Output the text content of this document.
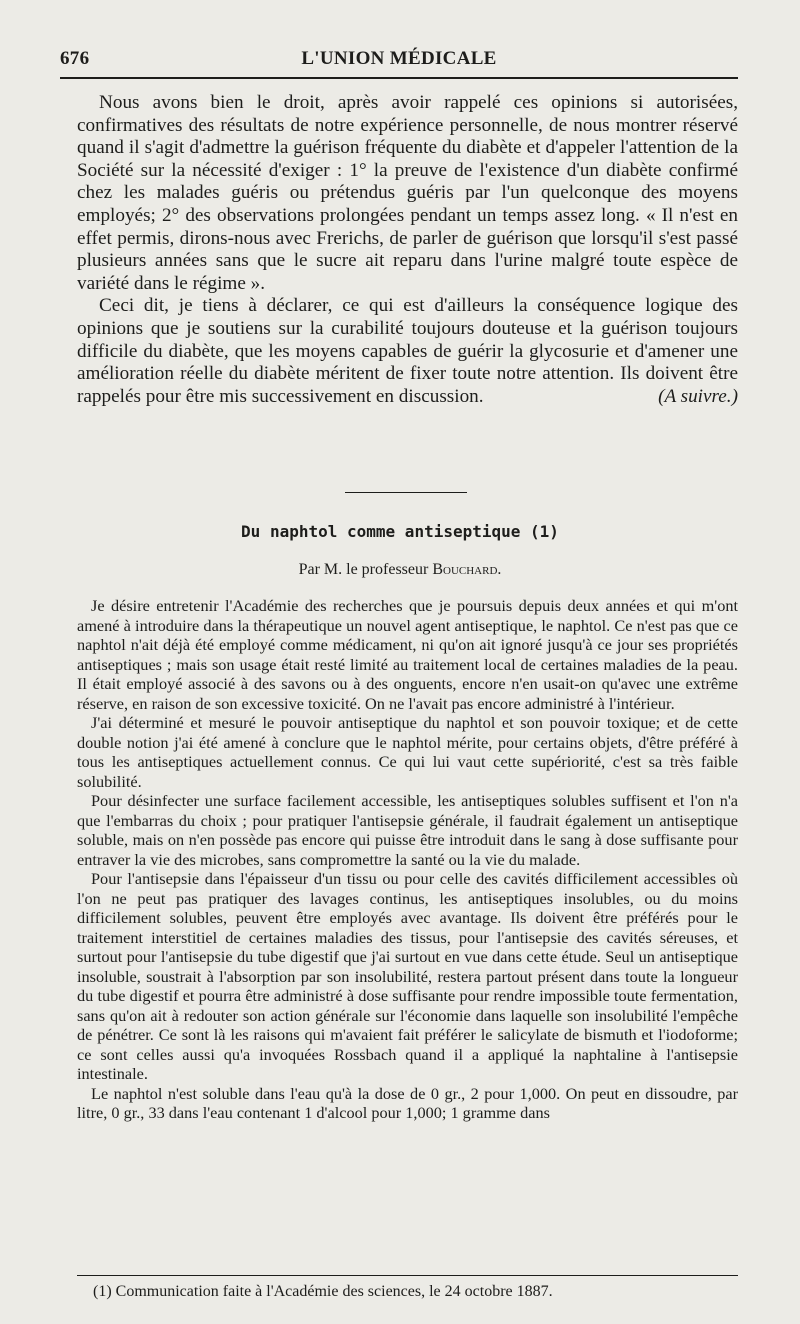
676	L'UNION MÉDICALE

Nous avons bien le droit, après avoir rappelé ces opinions si autorisées, confirmatives des résultats de notre expérience personnelle, de nous montrer réservé quand il s'agit d'admettre la guérison fréquente du diabète et d'appeler l'attention de la Société sur la nécessité d'exiger : 1° la preuve de l'existence d'un diabète confirmé chez les malades guéris ou prétendus guéris par l'un quelconque des moyens employés; 2° des observations prolongées pendant un temps assez long. « Il n'est en effet permis, dirons-nous avec Frerichs, de parler de guérison que lorsqu'il s'est passé plusieurs années sans que le sucre ait reparu dans l'urine malgré toute espèce de variété dans le régime ».

Ceci dit, je tiens à déclarer, ce qui est d'ailleurs la conséquence logique des opinions que je soutiens sur la curabilité toujours douteuse et la guérison toujours difficile du diabète, que les moyens capables de guérir la glycosurie et d'amener une amélioration réelle du diabète méritent de fixer toute notre attention. Ils doivent être rappelés pour être mis successivement en discussion.	(A suivre.)

Du naphtol comme antiseptique (1)
Par M. le professeur Bouchard.

Je désire entretenir l'Académie des recherches que je poursuis depuis deux années et qui m'ont amené à introduire dans la thérapeutique un nouvel agent antiseptique, le naphtol. Ce n'est pas que ce naphtol n'ait déjà été employé comme médicament, ni qu'on ait ignoré jusqu'à ce jour ses propriétés antiseptiques ; mais son usage était resté limité au traitement local de certaines maladies de la peau. Il était employé associé à des savons ou à des onguents, encore n'en usait-on qu'avec une extrême réserve, en raison de son excessive toxicité. On ne l'avait pas encore administré à l'intérieur.

J'ai déterminé et mesuré le pouvoir antiseptique du naphtol et son pouvoir toxique; et de cette double notion j'ai été amené à conclure que le naphtol mérite, pour certains objets, d'être préféré à tous les antiseptiques actuellement connus. Ce qui lui vaut cette supériorité, c'est sa très faible solubilité.

Pour désinfecter une surface facilement accessible, les antiseptiques solubles suffisent et l'on n'a que l'embarras du choix ; pour pratiquer l'antisepsie générale, il faudrait également un antiseptique soluble, mais on n'en possède pas encore qui puisse être introduit dans le sang à dose suffisante pour entraver la vie des microbes, sans compromettre la santé ou la vie du malade.

Pour l'antisepsie dans l'épaisseur d'un tissu ou pour celle des cavités difficilement accessibles où l'on ne peut pas pratiquer des lavages continus, les antiseptiques insolubles, ou du moins difficilement solubles, peuvent être employés avec avantage. Ils doivent être préférés pour le traitement interstitiel de certaines maladies des tissus, pour l'antisepsie des cavités séreuses, et surtout pour l'antisepsie du tube digestif que j'ai surtout en vue dans cette étude. Seul un antiseptique insoluble, soustrait à l'absorption par son insolubilité, restera partout présent dans toute la longueur du tube digestif et pourra être administré à dose suffisante pour rendre impossible toute fermentation, sans qu'on ait à redouter son action générale sur l'économie dans laquelle son insolubilité l'empêche de pénétrer. Ce sont là les raisons qui m'avaient fait préférer le salicylate de bismuth et l'iodoforme; ce sont celles aussi qu'a invoquées Rossbach quand il a appliqué la naphtaline à l'antisepsie intestinale.

Le naphtol n'est soluble dans l'eau qu'à la dose de 0 gr., 2 pour 1,000. On peut en dissoudre, par litre, 0 gr., 33 dans l'eau contenant 1 d'alcool pour 1,000; 1 gramme dans

(1) Communication faite à l'Académie des sciences, le 24 octobre 1887.
